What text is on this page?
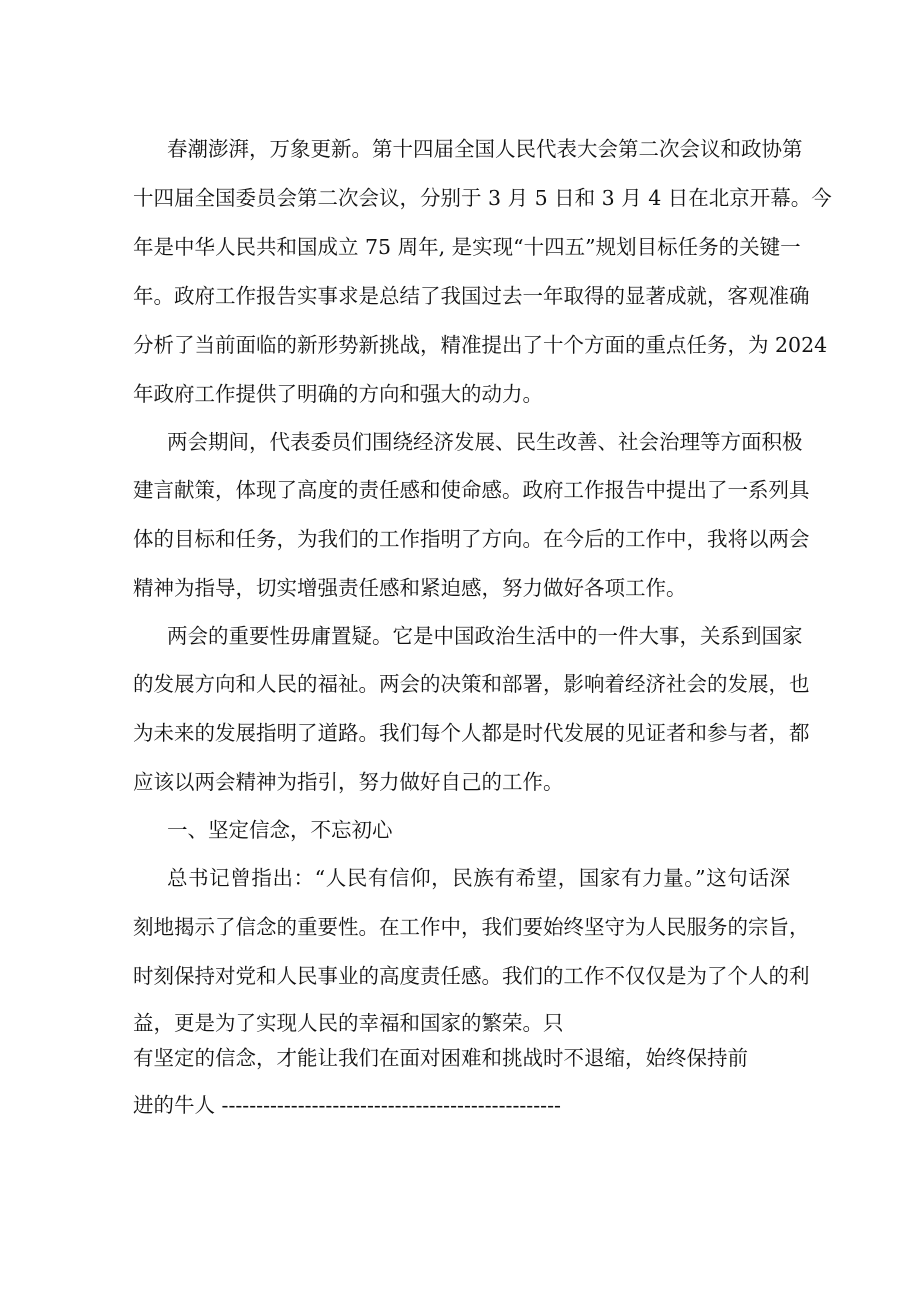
春潮澎湃，万象更新。第十四届全国人民代表大会第二次会议和政协第

十四届全国委员会第二次会议，分别于 3 月 5 日和 3 月 4 日在北京开幕。今

年是中华人民共和国成立 75 周年, 是实现“十四五”规划目标任务的关键一

年。政府工作报告实事求是总结了我国过去一年取得的显著成就，客观准确

分析了当前面临的新形势新挑战，精准提出了十个方面的重点任务，为 2024

年政府工作提供了明确的方向和强大的动力。

两会期间，代表委员们围绕经济发展、民生改善、社会治理等方面积极

建言献策，体现了高度的责任感和使命感。政府工作报告中提出了一系列具

体的目标和任务，为我们的工作指明了方向。在今后的工作中，我将以两会

精神为指导，切实增强责任感和紧迫感，努力做好各项工作。

两会的重要性毋庸置疑。它是中国政治生活中的一件大事，关系到国家

的发展方向和人民的福祉。两会的决策和部署，影响着经济社会的发展，也

为未来的发展指明了道路。我们每个人都是时代发展的见证者和参与者，都

应该以两会精神为指引，努力做好自己的工作。

一、坚定信念，不忘初心

总书记曾指出：“人民有信仰，民族有希望，国家有力量。”这句话深

刻地揭示了信念的重要性。在工作中，我们要始终坚守为人民服务的宗旨，

时刻保持对党和人民事业的高度责任感。我们的工作不仅仅是为了个人的利

益，更是为了实现人民的幸福和国家的繁荣。只

有坚定的信念，才能让我们在面对困难和挑战时不退缩，始终保持前

进的牛人 -------------------------------------------------
